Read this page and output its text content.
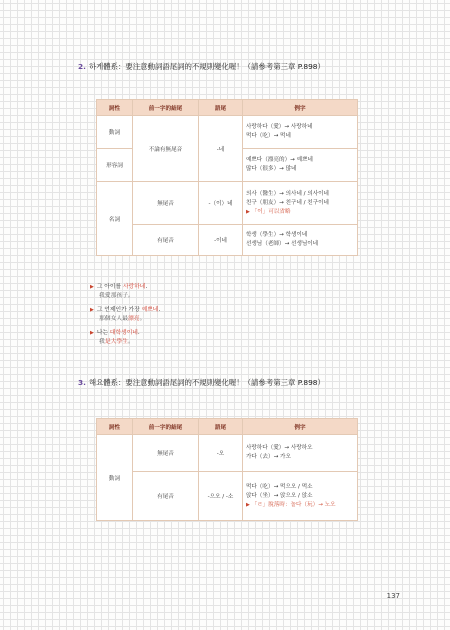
2. 하게體系：要注意動詞語尾詞的不規則變化喔！（請參考第三章 P.898）
詞性	前一字的結尾	語尾	例字
動詞	不論有無尾音	-네	사랑하다（愛）→ 사랑하네
먹다（吃）→ 먹네

形容詞			예쁘다（漂亮的）→ 예쁘네
많다（很多）→ 많네

名詞	無尾音	-（이）네	의사（醫生）→ 의사네 / 의사이네
친구（朋友）→ 친구네 / 친구이네
▶ 「이」可以省略

	有尾音	-이네	학생（學生）→ 학생이네
선생님（老師）→ 선생님이네
▶ 그 아이를 사랑하네.
我愛那孩子。
▶ 그 언제인가 가장 예쁘네.
那個女人最漂亮。
▶ 나는 대학생이네.
我是大學生。
3. 해요體系：要注意動詞語尾詞的不規則變化喔！（請參考第三章 P.898）
詞性	前一字的結尾	語尾	例字
動詞	無尾音	-오	사랑하다（愛）→ 사랑하오
가다（去）→ 가오

	有尾音	-으오 / -소	먹다（吃）→ 먹으오 / 먹소
앉다（坐）→ 앉으오 / 앉소
▶ 「ㄹ」脫落時：놀다（玩）→ 노오
137
